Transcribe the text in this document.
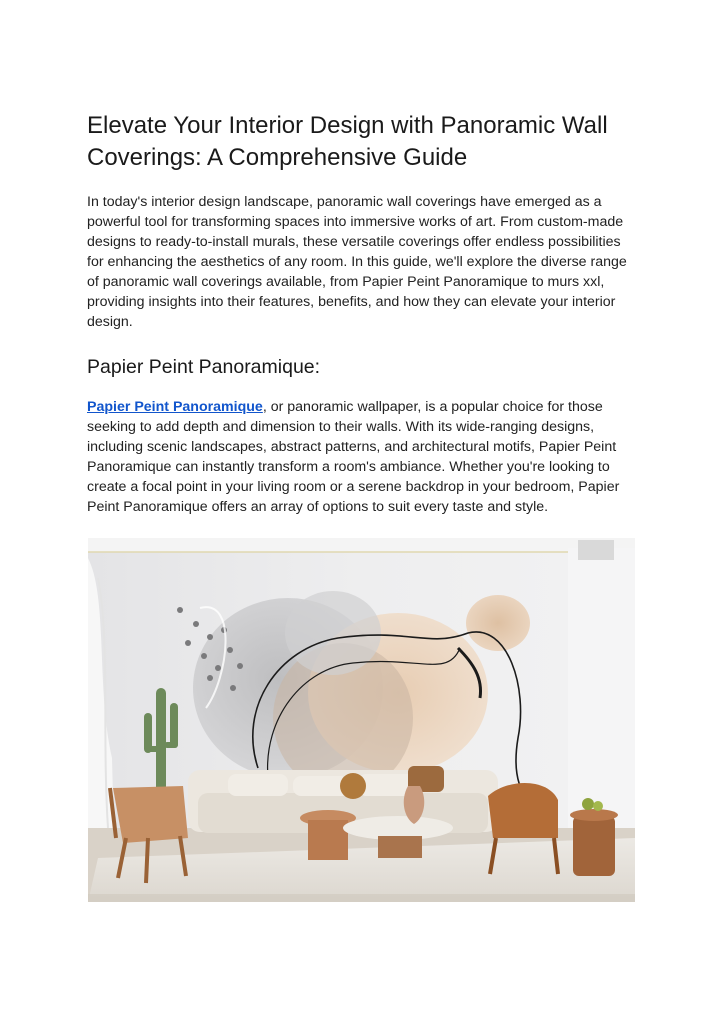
Elevate Your Interior Design with Panoramic Wall Coverings: A Comprehensive Guide

In today's interior design landscape, panoramic wall coverings have emerged as a powerful tool for transforming spaces into immersive works of art. From custom-made designs to ready-to-install murals, these versatile coverings offer endless possibilities for enhancing the aesthetics of any room. In this guide, we'll explore the diverse range of panoramic wall coverings available, from Papier Peint Panoramique to murs xxl, providing insights into their features, benefits, and how they can elevate your interior design.

Papier Peint Panoramique:

Papier Peint Panoramique, or panoramic wallpaper, is a popular choice for those seeking to add depth and dimension to their walls. With its wide-ranging designs, including scenic landscapes, abstract patterns, and architectural motifs, Papier Peint Panoramique can instantly transform a room's ambiance. Whether you're looking to create a focal point in your living room or a serene backdrop in your bedroom, Papier Peint Panoramique offers an array of options to suit every taste and style.
